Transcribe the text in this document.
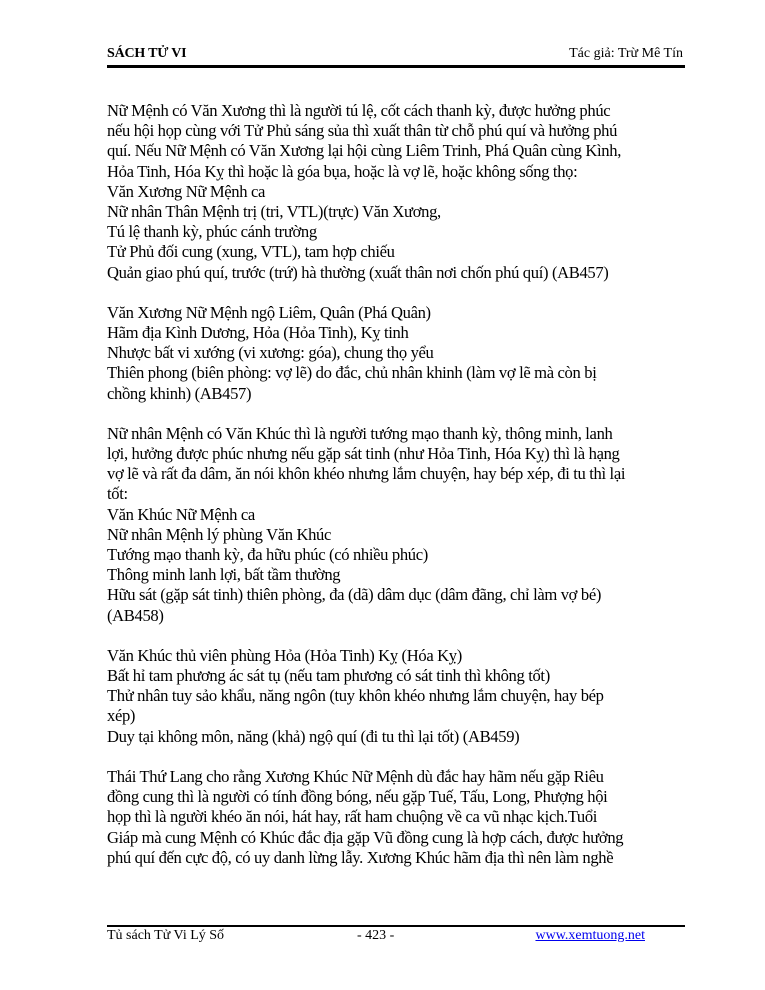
SÁCH TỬ VI	Tác giả: Trừ Mê Tín
Nữ Mệnh có Văn Xương thì là người tú lệ, cốt cách thanh kỳ, được hưởng phúc
nếu hội họp cùng với Tử Phủ sáng sủa thì xuất thân từ chỗ phú quí và hưởng phú
quí. Nếu Nữ Mệnh có Văn Xương lại hội cùng Liêm Trinh, Phá Quân cùng Kình,
Hỏa Tinh, Hóa Kỵ thì hoặc là góa bụa, hoặc là vợ lẽ, hoặc không sống thọ:
Văn Xương Nữ Mệnh ca
Nữ nhân Thân Mệnh trị (tri, VTL)(trực) Văn Xương,
Tú lệ thanh kỳ, phúc cánh trường
Tử Phủ đối cung (xung, VTL), tam hợp chiếu
Quản giao phú quí, trước (trứ) hà thường (xuất thân nơi chốn phú quí) (AB457)
Văn Xương Nữ Mệnh ngộ Liêm, Quân (Phá Quân)
Hãm địa Kình Dương, Hỏa (Hỏa Tinh), Kỵ tinh
Nhược bất vi xướng (vi xương: góa), chung thọ yểu
Thiên phong (biên phòng: vợ lẽ) do đắc, chủ nhân khinh (làm vợ lẽ mà còn bị
chồng khinh) (AB457)
Nữ nhân Mệnh có Văn Khúc thì là người tướng mạo thanh kỳ, thông minh, lanh
lợi, hưởng được phúc nhưng nếu gặp sát tinh (như Hỏa Tinh, Hóa Kỵ) thì là hạng
vợ lẽ và rất đa dâm, ăn nói khôn khéo nhưng lắm chuyện, hay bép xép, đi tu thì lại
tốt:
Văn Khúc Nữ Mệnh ca
Nữ nhân Mệnh lý phùng Văn Khúc
Tướng mạo thanh kỳ, đa hữu phúc (có nhiều phúc)
Thông minh lanh lợi, bất tầm thường
Hữu sát (gặp sát tinh) thiên phòng, đa (dã) dâm dục (dâm đãng, chỉ làm vợ bé)
(AB458)
Văn Khúc thủ viên phùng Hỏa (Hỏa Tinh) Kỵ (Hóa Kỵ)
Bất hỉ tam phương ác sát tụ (nếu tam phương có sát tinh thì không tốt)
Thử nhân tuy sảo khẩu, năng ngôn (tuy khôn khéo nhưng lắm chuyện, hay bép
xép)
Duy tại không môn, năng (khả) ngộ quí (đi tu thì lại tốt) (AB459)
Thái Thứ Lang cho rằng Xương Khúc Nữ Mệnh dù đắc hay hãm nếu gặp Riêu
đồng cung thì là người có tính đồng bóng, nếu gặp Tuế, Tấu, Long, Phượng hội
họp thì là người khéo ăn nói, hát hay, rất ham chuộng về ca vũ nhạc kịch.Tuổi
Giáp mà cung Mệnh có Khúc đắc địa gặp Vũ đồng cung là hợp cách, được hưởng
phú quí đến cực độ, có uy danh lừng lẫy. Xương Khúc hãm địa thì nên làm nghề
Tủ sách Tử Vi Lý Số	- 423 -	www.xemtuong.net
